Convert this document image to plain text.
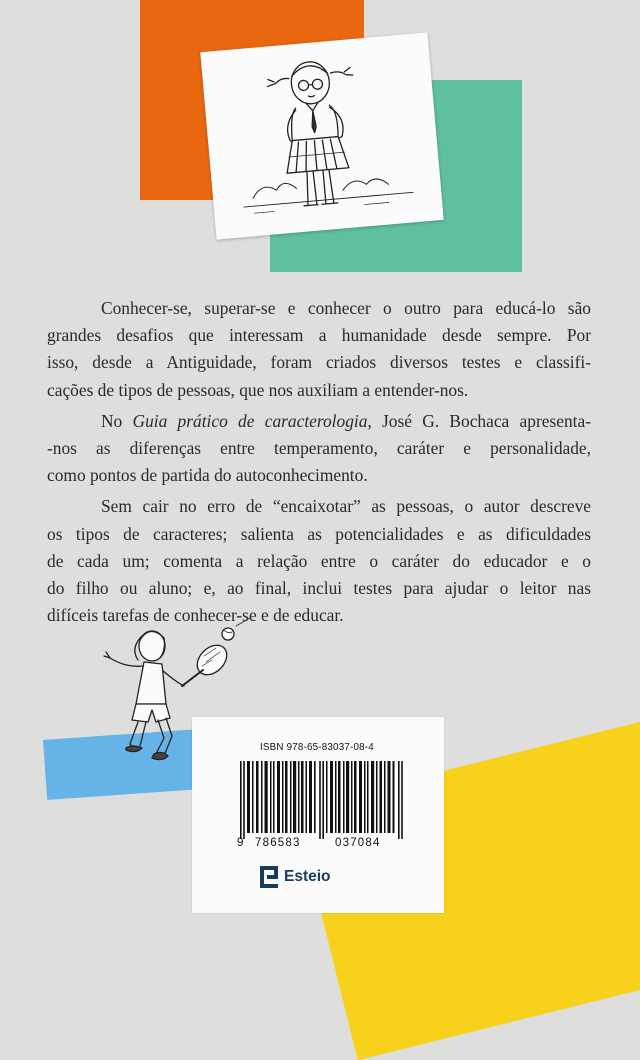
Conhecer-se, superar-se e conhecer o outro para educá-lo são
grandes desafios que interessam a humanidade desde sempre. Por
isso, desde a Antiguidade, foram criados diversos testes e classifi-
cações de tipos de pessoas, que nos auxiliam a entender-nos.

No Guia prático de caracterologia, José G. Bochaca apresenta-
-nos as diferenças entre temperamento, caráter e personalidade,
como pontos de partida do autoconhecimento.

Sem cair no erro de “encaixotar” as pessoas, o autor descreve
os tipos de caracteres; salienta as potencialidades e as dificuldades
de cada um; comenta a relação entre o caráter do educador e o
do filho ou aluno; e, ao final, inclui testes para ajudar o leitor nas
difíceis tarefas de conhecer-se e de educar.

ISBN 978-65-83037-08-4
9 786583	037084
Esteio
